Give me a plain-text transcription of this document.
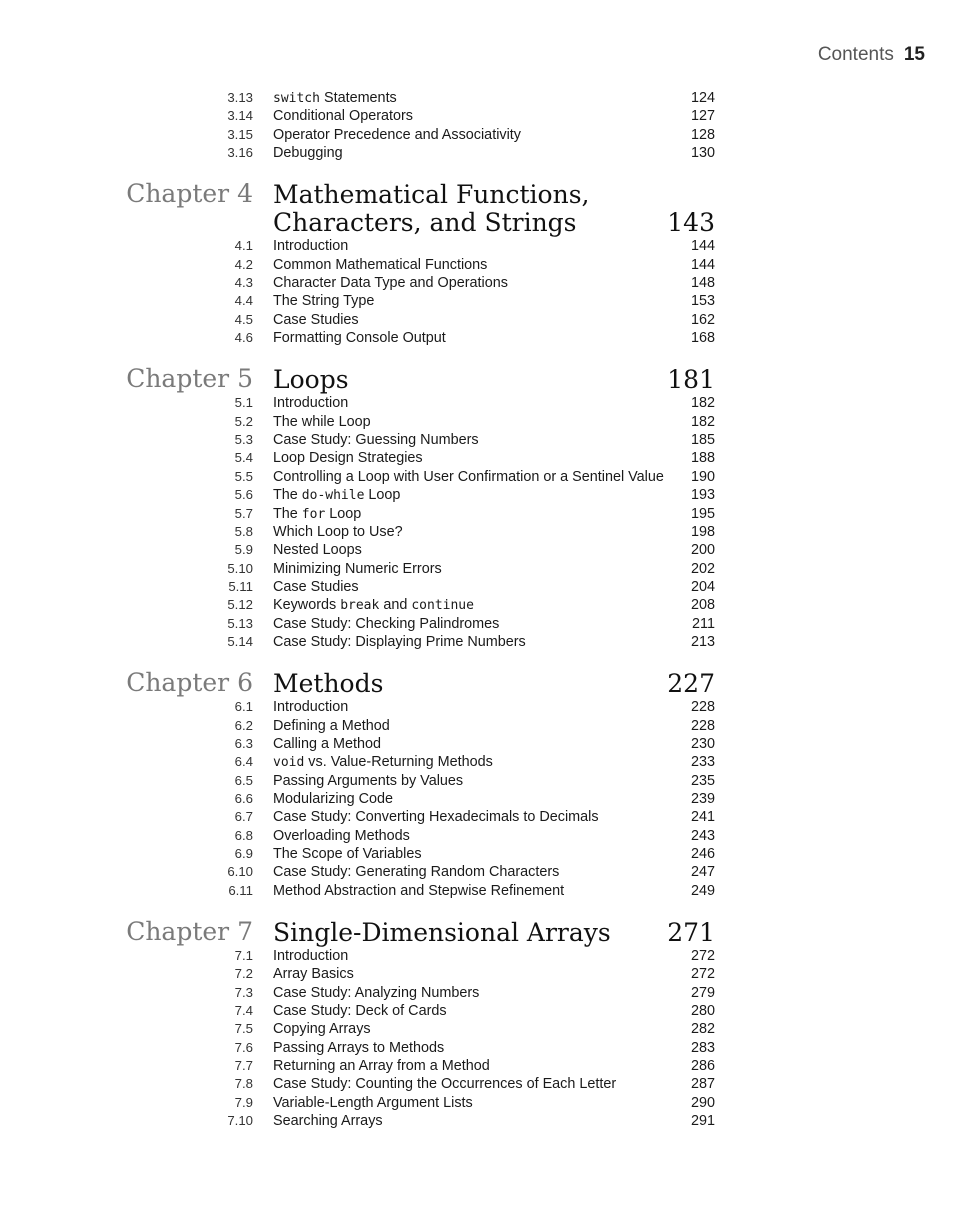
Contents 15
3.13 switch Statements	124
3.14 Conditional Operators	127
3.15 Operator Precedence and Associativity	128
3.16 Debugging	130
Chapter 4 Mathematical Functions,
Characters, and Strings	143
4.1 Introduction	144
4.2 Common Mathematical Functions	144
4.3 Character Data Type and Operations	148
4.4 The String Type	153
4.5 Case Studies	162
4.6 Formatting Console Output	168
Chapter 5 Loops	181
5.1 Introduction	182
5.2 The while Loop	182
5.3 Case Study: Guessing Numbers	185
5.4 Loop Design Strategies	188
5.5 Controlling a Loop with User Confirmation or a Sentinel Value 190
5.6 The do-while Loop	193
5.7 The for Loop	195
5.8 Which Loop to Use?	198
5.9 Nested Loops	200
5.10 Minimizing Numeric Errors	202
5.11 Case Studies	204
5.12 Keywords break and continue	208
5.13 Case Study: Checking Palindromes	211
5.14 Case Study: Displaying Prime Numbers	213
Chapter 6 Methods	227
6.1 Introduction	228
6.2 Defining a Method	228
6.3 Calling a Method	230
6.4 void vs. Value-Returning Methods	233
6.5 Passing Arguments by Values	235
6.6 Modularizing Code	239
6.7 Case Study: Converting Hexadecimals to Decimals	241
6.8 Overloading Methods	243
6.9 The Scope of Variables	246
6.10 Case Study: Generating Random Characters	247
6.11 Method Abstraction and Stepwise Refinement	249
Chapter 7 Single-Dimensional Arrays	271
7.1 Introduction	272
7.2 Array Basics	272
7.3 Case Study: Analyzing Numbers	279
7.4 Case Study: Deck of Cards	280
7.5 Copying Arrays	282
7.6 Passing Arrays to Methods	283
7.7 Returning an Array from a Method	286
7.8 Case Study: Counting the Occurrences of Each Letter	287
7.9 Variable-Length Argument Lists	290
7.10 Searching Arrays	291
